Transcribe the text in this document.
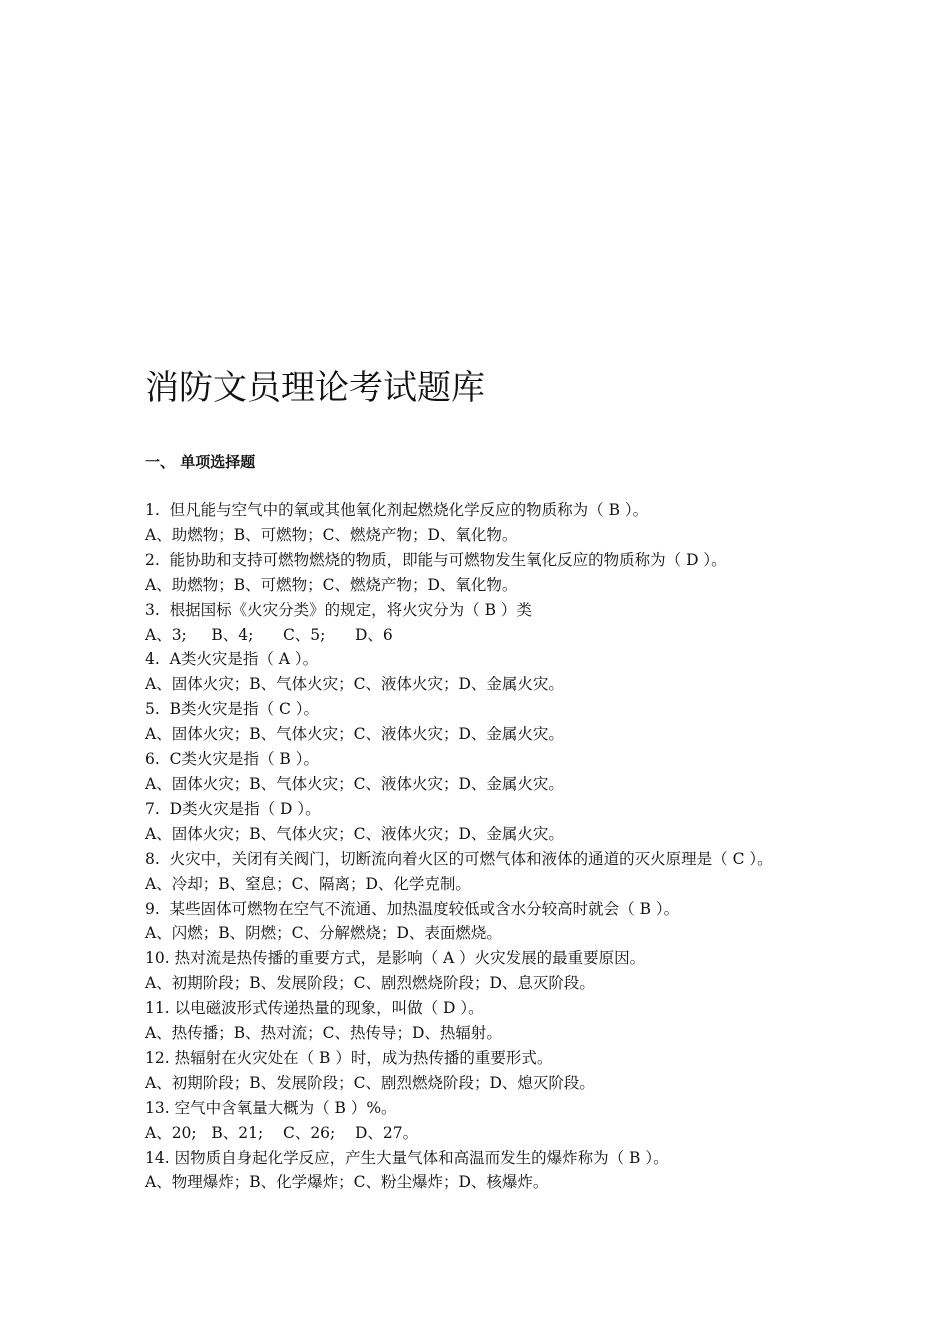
消防文员理论考试题库
一、 单项选择题

1.  但凡能与空气中的氧或其他氧化剂起燃烧化学反应的物质称为（ B ）。

A、助燃物；B、可燃物；C、燃烧产物；D、氧化物。

2.  能协助和支持可燃物燃烧的物质，即能与可燃物发生氧化反应的物质称为（ D ）。

A、助燃物；B、可燃物；C、燃烧产物；D、氧化物。

3.  根据国标《火灾分类》的规定，将火灾分为（ B ）类

A、3;     B、4;      C、5;      D、6

4.  A类火灾是指（ A ）。

A、固体火灾；B、气体火灾；C、液体火灾；D、金属火灾。

5.  B类火灾是指（ C ）。

A、固体火灾；B、气体火灾；C、液体火灾；D、金属火灾。

6.  C类火灾是指（ B ）。

A、固体火灾；B、气体火灾；C、液体火灾；D、金属火灾。

7.  D类火灾是指（ D ）。

A、固体火灾；B、气体火灾；C、液体火灾；D、金属火灾。

8.  火灾中，关闭有关阀门，切断流向着火区的可燃气体和液体的通道的灭火原理是（ C ）。

A、冷却；B、窒息；C、隔离；D、化学克制。

9.  某些固体可燃物在空气不流通、加热温度较低或含水分较高时就会（ B ）。

A、闪燃；B、阴燃；C、分解燃烧；D、表面燃烧。

10. 热对流是热传播的重要方式，是影响（ A ）火灾发展的最重要原因。

A、初期阶段；B、发展阶段；C、剧烈燃烧阶段；D、息灭阶段。

11. 以电磁波形式传递热量的现象，叫做（ D ）。

A、热传播；B、热对流；C、热传导；D、热辐射。

12. 热辐射在火灾处在（ B ）时，成为热传播的重要形式。

A、初期阶段；B、发展阶段；C、剧烈燃烧阶段；D、熄灭阶段。

13. 空气中含氧量大概为（ B ）%。

A、20;   B、21;    C、26;    D、27。

14. 因物质自身起化学反应，产生大量气体和高温而发生的爆炸称为（ B ）。

A、物理爆炸；B、化学爆炸；C、粉尘爆炸；D、核爆炸。
